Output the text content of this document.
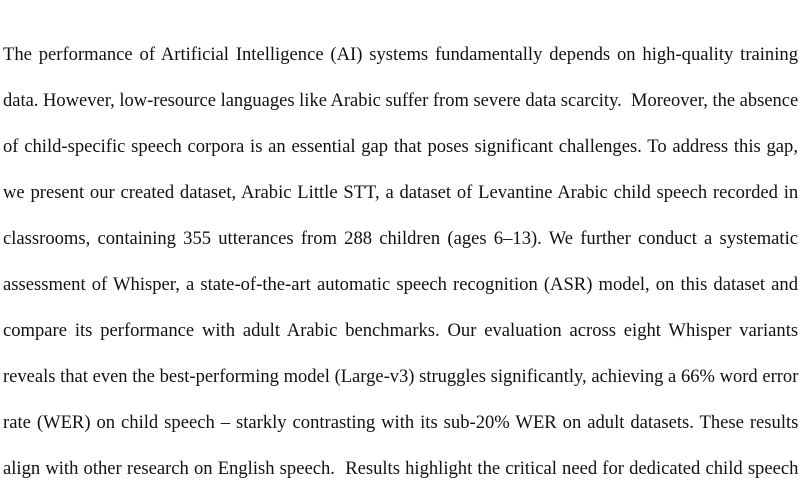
The performance of Artificial Intelligence (AI) systems fundamentally depends on high-quality training
data. However, low-resource languages like Arabic suffer from severe data scarcity.  Moreover, the absence
of child-specific speech corpora is an essential gap that poses significant challenges. To address this gap,
we present our created dataset, Arabic Little STT, a dataset of Levantine Arabic child speech recorded in
classrooms, containing 355 utterances from 288 children (ages 6–13). We further conduct a systematic
assessment of Whisper, a state-of-the-art automatic speech recognition (ASR) model, on this dataset and
compare its performance with adult Arabic benchmarks. Our evaluation across eight Whisper variants
reveals that even the best-performing model (Large-v3) struggles significantly, achieving a 66% word error
rate (WER) on child speech – starkly contrasting with its sub-20% WER on adult datasets. These results
align with other research on English speech.  Results highlight the critical need for dedicated child speech
